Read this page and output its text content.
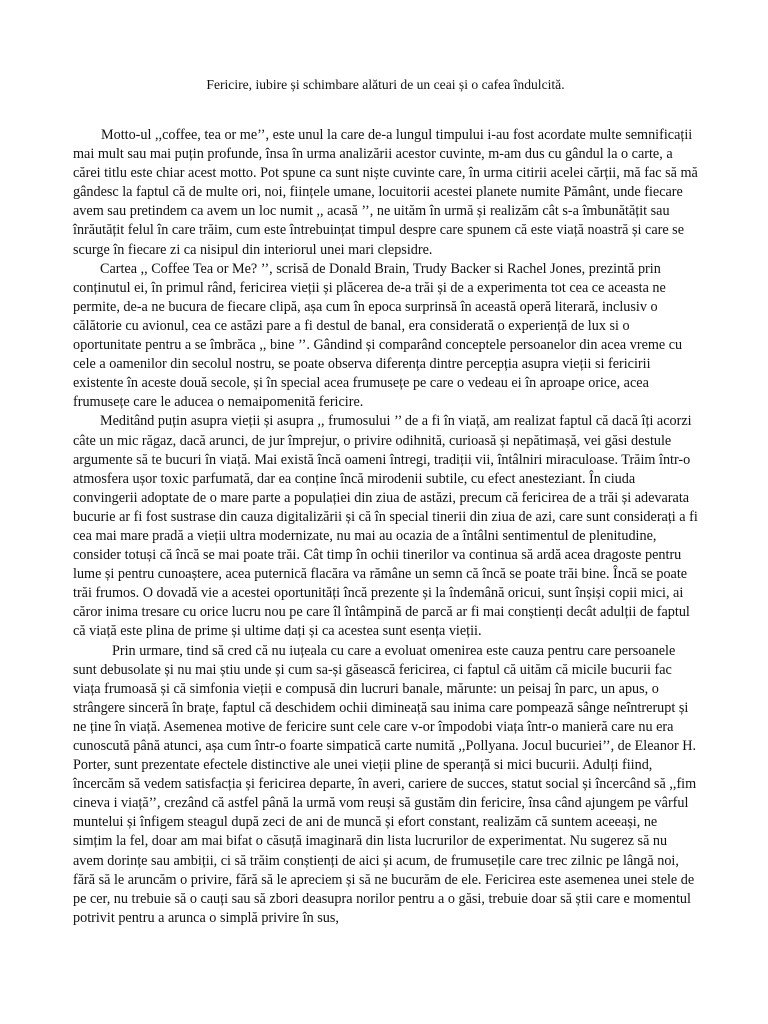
Fericire, iubire și schimbare alături de un ceai și o cafea îndulcită.

Motto-ul ,,coffee, tea or me’’, este unul la care de-a lungul timpului i-au fost acordate multe semnificații mai mult sau mai puțin profunde, însa în urma analizării acestor cuvinte, m-am dus cu gândul la o carte, a cărei titlu este chiar acest motto. Pot spune ca sunt niște cuvinte care, în urma citirii acelei cărții, mă fac să mă gândesc la faptul că de multe ori, noi, ființele umane, locuitorii acestei planete numite Pământ, unde fiecare avem sau pretindem ca avem un loc numit ,, acasă ’’, ne uităm în urmă și realizăm cât s-a îmbunătățit sau înrăutățit felul în care trăim, cum este întrebuințat timpul despre care spunem că este viață noastră și care se scurge în fiecare zi ca nisipul din interiorul unei mari clepsidre.

Cartea ,, Coffee Tea or Me? ’’, scrisă de Donald Brain, Trudy Backer si Rachel Jones, prezintă prin conținutul ei, în primul rând, fericirea vieții și plăcerea de-a trăi și de a experimenta tot cea ce aceasta ne permite, de-a ne bucura de fiecare clipă, așa cum în epoca surprinsă în această operă literară, inclusiv o călătorie cu avionul, cea ce astăzi pare a fi destul de banal, era considerată o experiență de lux si o oportunitate pentru a se îmbrăca ,, bine ’’. Gândind și comparând conceptele persoanelor din acea vreme cu cele a oamenilor din secolul nostru, se poate observa diferența dintre percepția asupra vieții si fericirii existente în aceste două secole, și în special acea frumusețe pe care o vedeau ei în aproape orice, acea frumusețe care le aducea o nemaipomenită fericire.

Meditând puțin asupra vieții și asupra ,, frumosului ’’ de a fi în viață, am realizat faptul că dacă îți acorzi câte un mic răgaz, dacă arunci, de jur împrejur, o privire odihnită, curioasă și nepătimașă, vei găsi destule argumente să te bucuri în viață. Mai există încă oameni întregi, tradiții vii, întâlniri miraculoase. Trăim într-o atmosfera ușor toxic parfumată, dar ea conține încă mirodenii subtile, cu efect anesteziant. În ciuda convingerii adoptate de o mare parte a populației din ziua de astăzi, precum că fericirea de a trăi și adevarata bucurie ar fi fost sustrase din cauza digitalizării și că în special tinerii din ziua de azi, care sunt considerați a fi cea mai mare pradă a vieții ultra modernizate, nu mai au ocazia de a întâlni sentimentul de plenitudine, consider totuși că încă se mai poate trăi. Cât timp în ochii tinerilor va continua să ardă acea dragoste pentru lume și pentru cunoaștere, acea puternică flacăra va rămâne un semn că încă se poate trăi bine. Încă se poate trăi frumos. O dovadă vie a acestei oportunități încă prezente și la îndemână oricui, sunt înșiși copii mici, ai căror inima tresare cu orice lucru nou pe care îl întâmpină de parcă ar fi mai conștienți decât adulții de faptul că viață este plina de prime și ultime dați și ca acestea sunt esența vieții.

Prin urmare, tind să cred că nu iuțeala cu care a evoluat omenirea este cauza pentru care persoanele sunt debusolate și nu mai știu unde și cum sa-și găsească fericirea, ci faptul că uităm că micile bucurii fac viața frumoasă și că simfonia vieții e compusă din lucruri banale, mărunte: un peisaj în parc, un apus, o strângere sinceră în brațe, faptul că deschidem ochii dimineață sau inima care pompează sânge neîntrerupt și ne ține în viață. Asemenea motive de fericire sunt cele care v-or împodobi viața într-o manieră care nu era cunoscută până atunci, așa cum într-o foarte simpatică carte numită ,,Pollyana. Jocul bucuriei’’, de Eleanor H. Porter, sunt prezentate efectele distinctive ale unei vieții pline de speranță si mici bucurii. Adulți fiind, încercăm să vedem satisfacția și fericirea departe, în averi, cariere de succes, statut social și încercând să ,,fim cineva i viață’’, crezând că astfel până la urmă vom reuși să gustăm din fericire, însa când ajungem pe vârful muntelui și înfigem steagul după zeci de ani de muncă și efort constant, realizăm că suntem aceeași, ne simțim la fel, doar am mai bifat o căsuță imaginară din lista lucrurilor de experimentat. Nu sugerez să nu avem dorințe sau ambiții, ci să trăim conștienți de aici și acum, de frumusețile care trec zilnic pe lângă noi, fără să le aruncăm o privire, fără să le apreciem și să ne bucurăm de ele. Fericirea este asemenea unei stele de pe cer, nu trebuie să o cauți sau să zbori deasupra norilor pentru a o găsi, trebuie doar să știi care e momentul potrivit pentru a arunca o simplă privire în sus,
